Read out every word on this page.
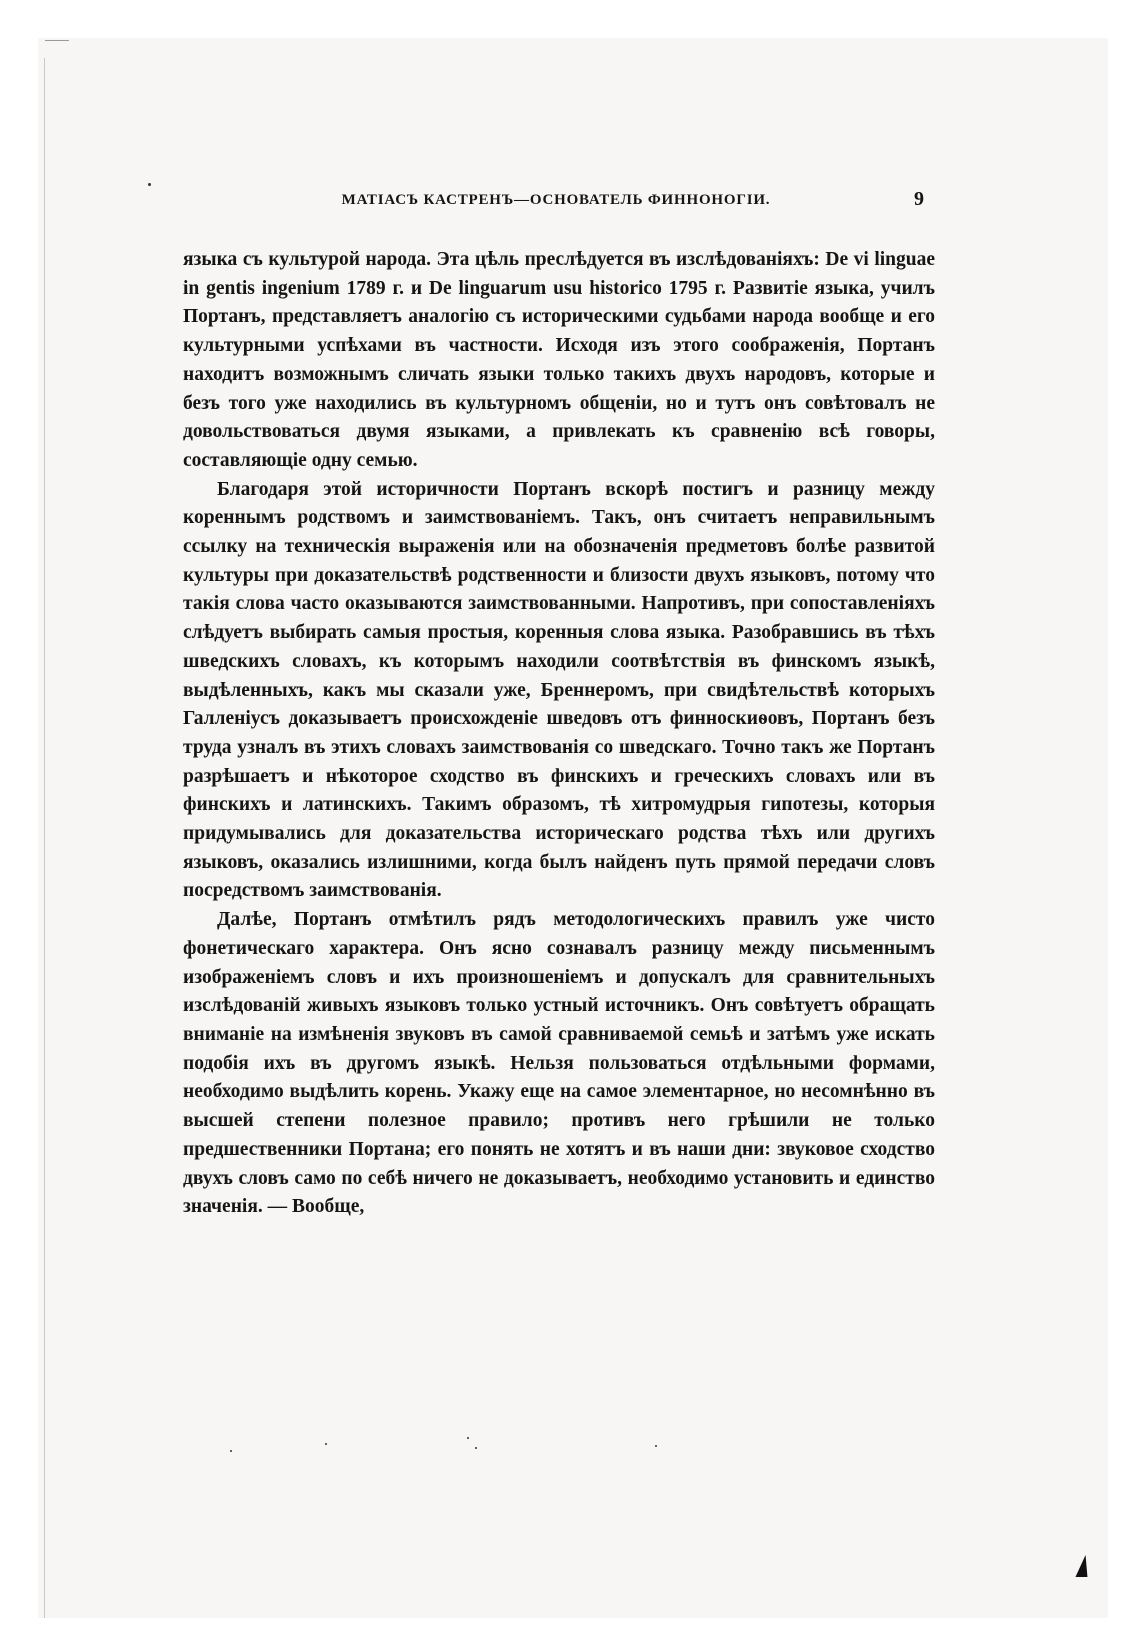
МАТІАСЪ КАСТРЕНЪ—ОСНОВАТЕЛЬ ФИННОНОГІИ.	9

языка съ культурой народа. Эта цѣль преслѣдуется въ изслѣдованіяхъ: De vi linguae in gentis ingenium 1789 г. и De linguarum usu historico 1795 г. Развитіе языка, училъ Портанъ, представляетъ аналогію съ историческими судьбами народа вообще и его культурными успѣхами въ частности. Исходя изъ этого соображенія, Портанъ находитъ возможнымъ сличать языки только такихъ двухъ народовъ, которые и безъ того уже находились въ культурномъ общеніи, но и тутъ онъ совѣтовалъ не довольствоваться двумя языками, а привлекать къ сравненію всѣ говоры, составляющіе одну семью.

Благодаря этой историчности Портанъ вскорѣ постигъ и разницу между кореннымъ родствомъ и заимствованіемъ. Такъ, онъ считаетъ неправильнымъ ссылку на техническія выраженія или на обозначенія предметовъ болѣе развитой культуры при доказательствѣ родственности и близости двухъ языковъ, потому что такія слова часто оказываются заимствованными. Напротивъ, при сопоставленіяхъ слѣдуетъ выбирать самыя простыя, коренныя слова языка. Разобравшись въ тѣхъ шведскихъ словахъ, къ которымъ находили соотвѣтствія въ финскомъ языкѣ, выдѣленныхъ, какъ мы сказали уже, Бреннеромъ, при свидѣтельствѣ которыхъ Галленіусъ доказываетъ происхожденіе шведовъ отъ финноскиѳовъ, Портанъ безъ труда узналъ въ этихъ словахъ заимствованія со шведскаго. Точно такъ же Портанъ разрѣшаетъ и нѣкоторое сходство въ финскихъ и греческихъ словахъ или въ финскихъ и латинскихъ. Такимъ образомъ, тѣ хитромудрыя гипотезы, которыя придумывались для доказательства историческаго родства тѣхъ или другихъ языковъ, оказались излишними, когда былъ найденъ путь прямой передачи словъ посредствомъ заимствованія.

Далѣе, Портанъ отмѣтилъ рядъ методологическихъ правилъ уже чисто фонетическаго характера. Онъ ясно сознавалъ разницу между письменнымъ изображеніемъ словъ и ихъ произношеніемъ и допускалъ для сравнительныхъ изслѣдованій живыхъ языковъ только устный источникъ. Онъ совѣтуетъ обращать вниманіе на измѣненія звуковъ въ самой сравниваемой семьѣ и затѣмъ уже искать подобія ихъ въ другомъ языкѣ. Нельзя пользоваться отдѣльными формами, необходимо выдѣлить корень. Укажу еще на самое элементарное, но несомнѣнно въ высшей степени полезное правило; противъ него грѣшили не только предшественники Портана; его понять не хотятъ и въ наши дни: звуковое сходство двухъ словъ само по себѣ ничего не доказываетъ, необходимо установить и единство значенія. — Вообще,
